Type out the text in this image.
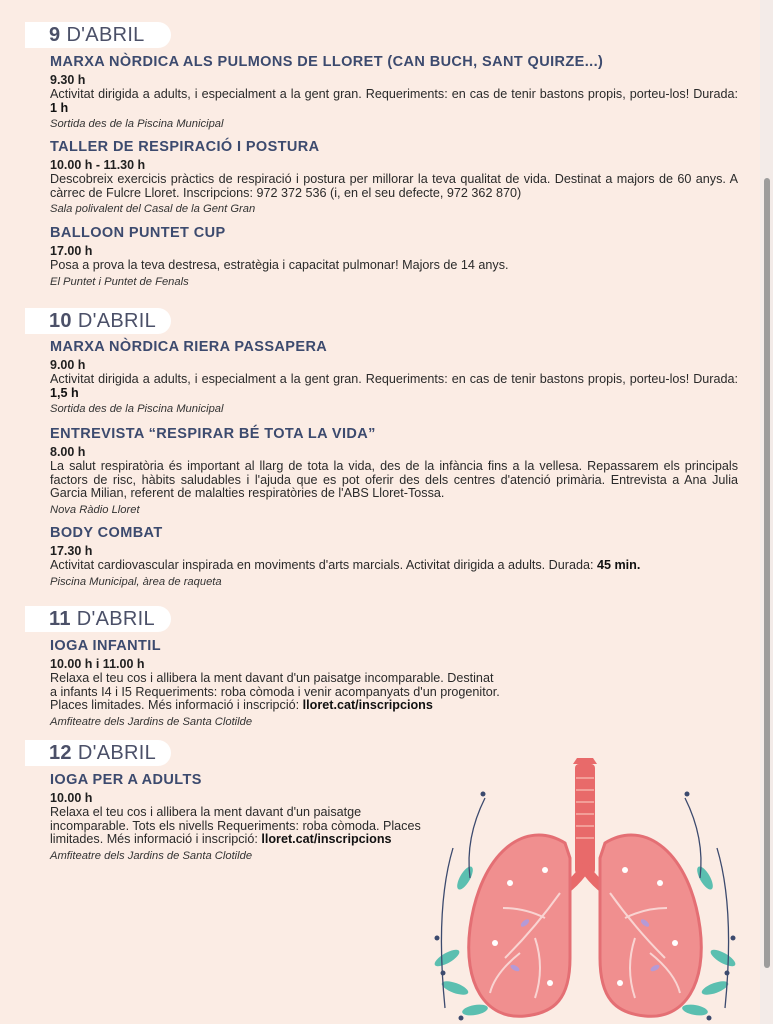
9 D'ABRIL
MARXA NÒRDICA ALS PULMONS DE LLORET (CAN BUCH, SANT QUIRZE...)
9.30 h
Activitat dirigida a adults, i especialment a la gent gran. Requeriments: en cas de tenir bastons propis, porteu-los! Durada: 1 h
Sortida des de la Piscina Municipal
TALLER DE RESPIRACIÓ I POSTURA
10.00 h - 11.30 h
Descobreix exercicis pràctics de respiració i postura per millorar la teva qualitat de vida. Destinat a majors de 60 anys. A càrrec de Fulcre Lloret. Inscripcions: 972 372 536 (i, en el seu defecte, 972 362 870)
Sala polivalent del Casal de la Gent Gran
BALLOON PUNTET CUP
17.00 h
Posa a prova la teva destresa, estratègia i capacitat pulmonar! Majors de 14 anys.
El Puntet i Puntet de Fenals
10 D'ABRIL
MARXA NÒRDICA RIERA PASSAPERA
9.00 h
Activitat dirigida a adults, i especialment a la gent gran. Requeriments: en cas de tenir bastons propis, porteu-los! Durada: 1,5 h
Sortida des de la Piscina Municipal
ENTREVISTA “RESPIRAR BÉ TOTA LA VIDA”
8.00 h
La salut respiratòria és important al llarg de tota la vida, des de la infància fins a la vellesa. Repassarem els principals factors de risc, hàbits saludables i l'ajuda que es pot oferir des dels centres d'atenció primària. Entrevista a Ana Julia Garcia Milian, referent de malalties respiratòries de l'ABS Lloret-Tossa.
Nova Ràdio Lloret
BODY COMBAT
17.30 h
Activitat cardiovascular inspirada en moviments d'arts marcials. Activitat dirigida a adults. Durada: 45 min.
Piscina Municipal, àrea de raqueta
11 D'ABRIL
IOGA INFANTIL
10.00 h i 11.00 h
Relaxa el teu cos i allibera la ment davant d'un paisatge incomparable. Destinat
a infants I4 i I5 Requeriments: roba còmoda i venir acompanyats d'un progenitor.
Places limitades. Més informació i inscripció: lloret.cat/inscripcions
Amfiteatre dels Jardins de Santa Clotilde
12 D'ABRIL
IOGA PER A ADULTS
10.00 h
Relaxa el teu cos i allibera la ment davant d'un paisatge
incomparable. Tots els nivells Requeriments: roba còmoda. Places
limitades. Més informació i inscripció: lloret.cat/inscripcions
Amfiteatre dels Jardins de Santa Clotilde
